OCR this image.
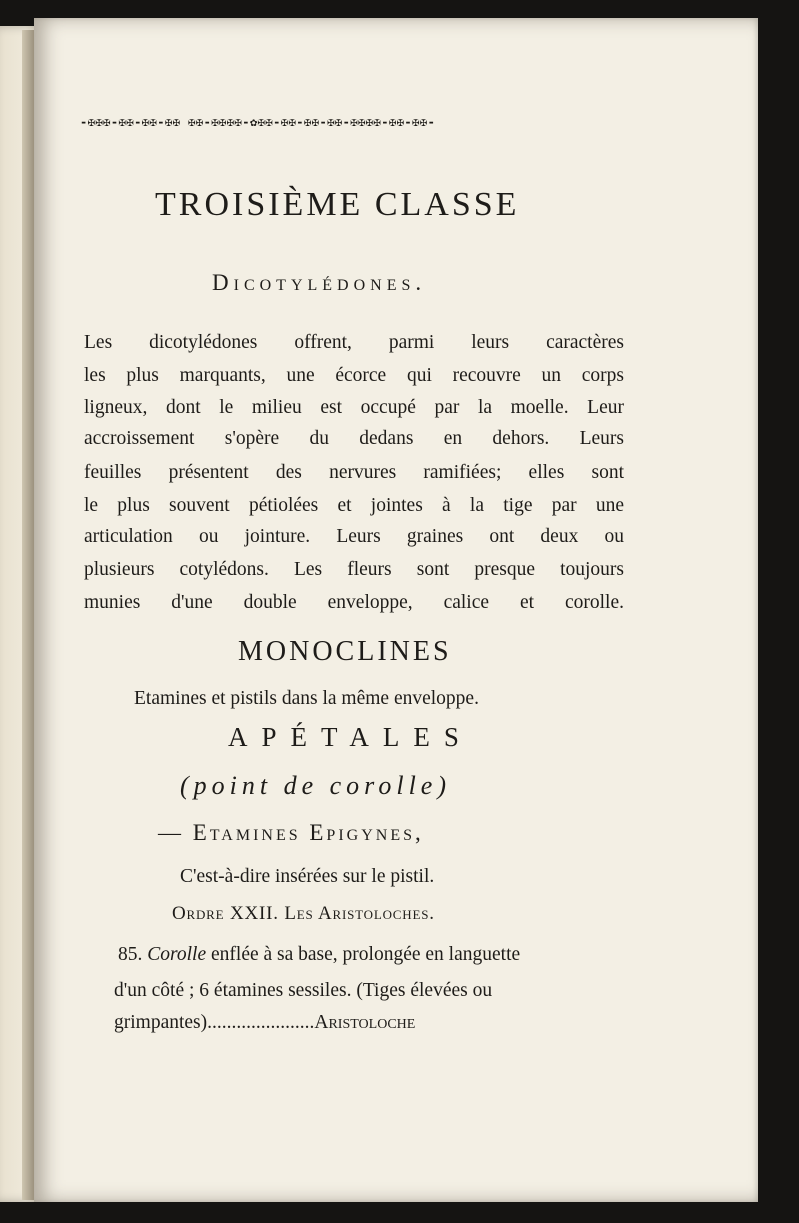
-✠✠✠-✠✠-✠✠-✠✠ ✠✠-✠✠✠✠-✿✠✠-✠✠-✠✠-✠✠-✠✠✠✠-✠✠-✠✠-
TROISIÈME CLASSE
Dicotylédones.
Les dicotylédones offrent, parmi leurs caractères
les plus marquants, une écorce qui recouvre un corps
ligneux, dont le milieu est occupé par la moelle. Leur
accroissement s'opère du dedans en dehors. Leurs
feuilles présentent des nervures ramifiées; elles sont
le plus souvent pétiolées et jointes à la tige par une
articulation ou jointure. Leurs graines ont deux ou
plusieurs cotylédons. Les fleurs sont presque toujours
munies d'une double enveloppe, calice et corolle.
MONOCLINES
Etamines et pistils dans la même enveloppe.
APÉTALES
(point de corolle)
— Etamines Epigynes,
C'est-à-dire insérées sur le pistil.
Ordre XXII. Les Aristoloches.
85. Corolle enflée à sa base, prolongée en languette
d'un côté ; 6 étamines sessiles. (Tiges élevées ou
grimpantes)......................Aristoloche
